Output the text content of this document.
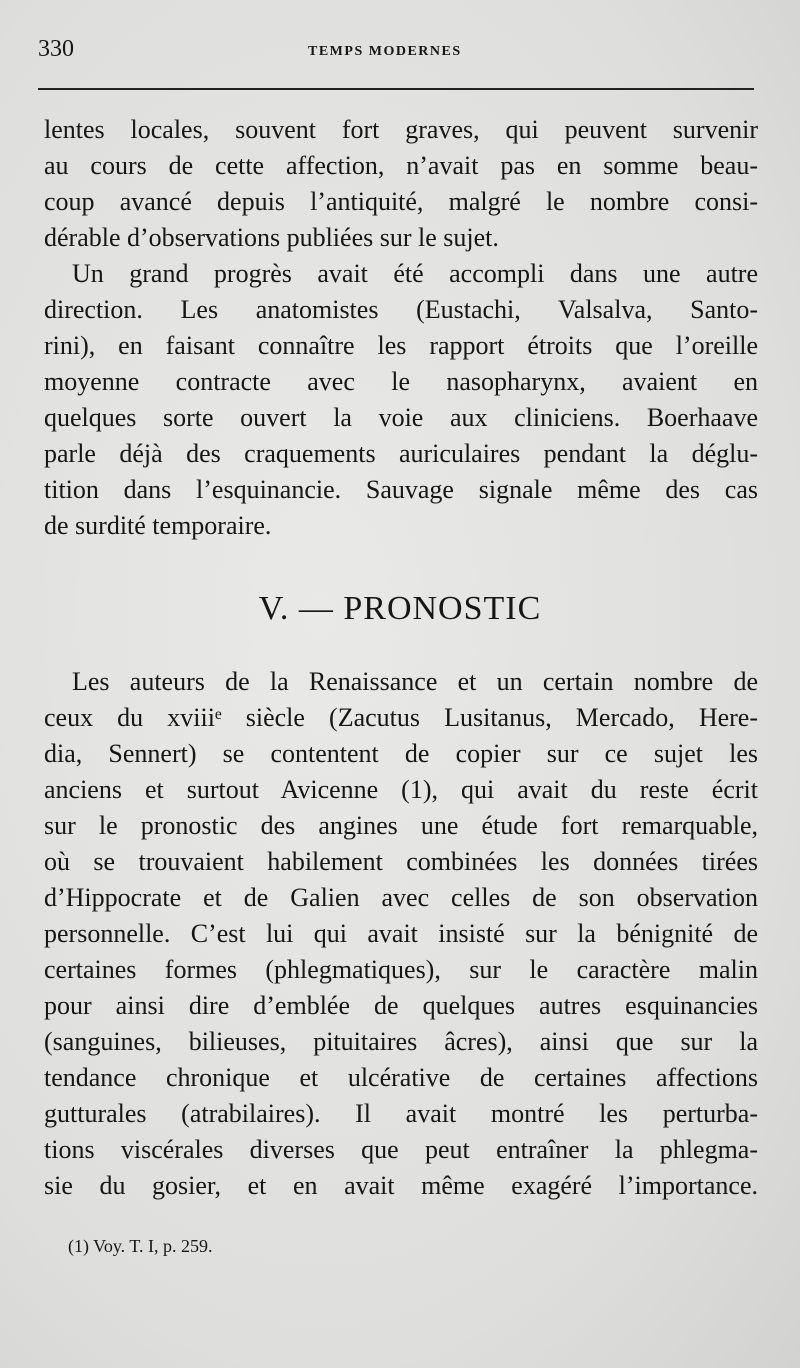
330	TEMPS MODERNES
lentes locales, souvent fort graves, qui peuvent survenir
au cours de cette affection, n’avait pas en somme beau-
coup avancé depuis l’antiquité, malgré le nombre consi-
dérable d’observations publiées sur le sujet.
Un grand progrès avait été accompli dans une autre
direction. Les anatomistes (Eustachi, Valsalva, Santo-
rini), en faisant connaître les rapport étroits que l’oreille
moyenne contracte avec le nasopharynx, avaient en
quelques sorte ouvert la voie aux cliniciens. Boerhaave
parle déjà des craquements auriculaires pendant la déglu-
tition dans l’esquinancie. Sauvage signale même des cas
de surdité temporaire.
V. — PRONOSTIC
Les auteurs de la Renaissance et un certain nombre de
ceux du xviiiᵉ siècle (Zacutus Lusitanus, Mercado, Here-
dia, Sennert) se contentent de copier sur ce sujet les
anciens et surtout Avicenne (1), qui avait du reste écrit
sur le pronostic des angines une étude fort remarquable,
où se trouvaient habilement combinées les données tirées
d’Hippocrate et de Galien avec celles de son observation
personnelle. C’est lui qui avait insisté sur la bénignité de
certaines formes (phlegmatiques), sur le caractère malin
pour ainsi dire d’emblée de quelques autres esquinancies
(sanguines, bilieuses, pituitaires âcres), ainsi que sur la
tendance chronique et ulcérative de certaines affections
gutturales (atrabilaires). Il avait montré les perturba-
tions viscérales diverses que peut entraîner la phlegma-
sie du gosier, et en avait même exagéré l’importance.
(1) Voy. T. I, p. 259.
